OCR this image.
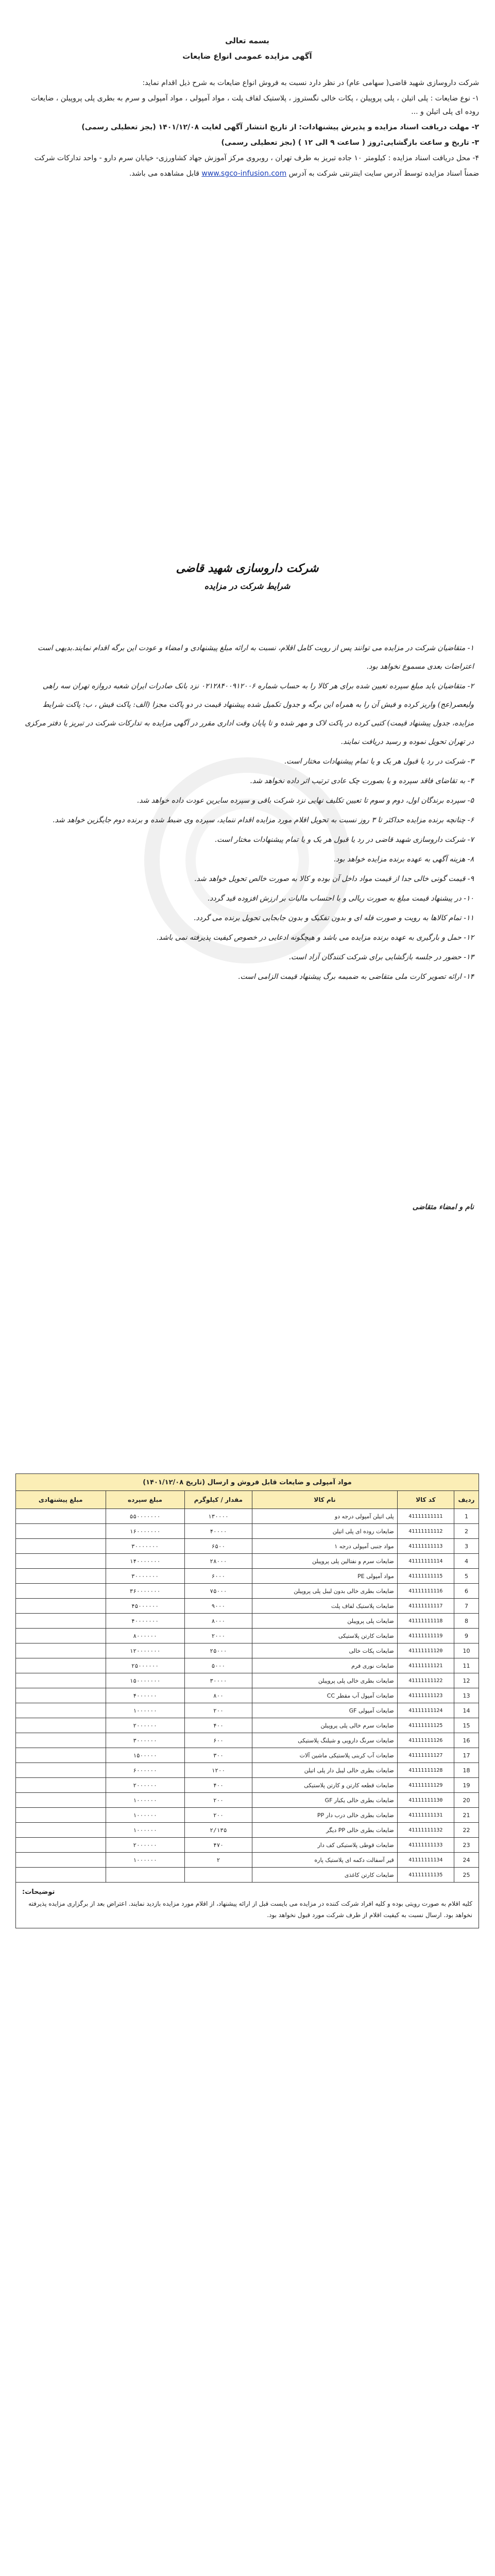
بسمه تعالی
آگهی مزایده عمومی انواع ضایعات

شرکت داروسازی شهید قاضی( سهامی عام) در نظر دارد نسبت به فروش انواع ضایعات به شرح ذیل اقدام نماید:

۱- نوع ضایعات : پلی اتیلن ، پلی پروپیلن ، پکات خالی نگستروز ، پلاستیک لفاف پلت ، مواد آمپولی ، مواد آمپولی و سرم به بطری پلی پروپیلن ، ضایعات روده ای پلی اتیلن و ...

۲- مهلت دریافت اسناد مزایده و پذیرش پیشنهادات: از تاریخ انتشار آگهی لغایت ۱۴۰۱/۱۲/۰۸ (بجز تعطیلی رسمی)

۳- تاریخ و ساعت بازگشایی:روز ( ساعت ۹ الی ۱۲ ) (بجز تعطیلی رسمی)

۴- محل دریافت اسناد مزایده : کیلومتر ۱۰ جاده تبریز به طرف تهران ، روبروی مرکز آموزش جهاد کشاورزی- خیابان سرم دارو - واحد تدارکات شرکت

ضمناً اسناد مزایده توسط آدرس سایت اینترنتی شرکت به آدرس www.sgco-infusion.com قابل مشاهده می باشد.

شرکت داروسازی شهید قاضی
شرایط شرکت در مزایده

۱- متقاضیان شرکت در مزایده می توانند پس از رویت کامل اقلام، نسبت به ارائه مبلغ پیشنهادی و امضاء و عودت این برگه اقدام نمایند.بدیهی است اعتراضات بعدی مسموع نخواهد بود.

۲- متقاضیان باید مبلغ سپرده تعیین شده برای هر کالا را به حساب شماره ۰۲۱۲۸۴۰۰۹۱۲۰۰۶ نزد بانک صادرات ایران شعبه دروازه تهران سه راهی ولیعصر(عج) واریز کرده و فیش آن را به همراه این برگه و جدول تکمیل شده پیشنهاد قیمت در دو پاکت مجزا (الف: پاکت فیش ، ب: پاکت شرایط مزایده، جدول پیشنهاد قیمت) کتبی کرده در پاکت لاک و مهر شده و تا پایان وقت اداری مقرر در آگهی مزایده به تدارکات شرکت در تبریز یا دفتر مرکزی در تهران تحویل نموده و رسید دریافت نمایند.

۳- شرکت در رد یا قبول هر یک و یا تمام پیشنهادات مختار است.

۴- به تقاضای فاقد سپرده و یا بصورت چک عادی ترتیب اثر داده نخواهد شد.

۵- سپرده برندگان اول، دوم و سوم تا تعیین تکلیف نهایی نزد شرکت باقی و سپرده سایرین عودت داده خواهد شد.

۶- چنانچه برنده مزایده حداکثر تا ۳ روز نسبت به تحویل اقلام مورد مزایده اقدام ننماید، سپرده وی ضبط شده و برنده دوم جایگزین خواهد شد.

۷- شرکت داروسازی شهید قاضی در رد یا قبول هر یک و یا تمام پیشنهادات مختار است.

۸- هزینه آگهی به عهده برنده مزایده خواهد بود.

۹- قیمت گونی خالی جدا از قیمت مواد داخل آن بوده و کالا به صورت خالص تحویل خواهد شد.

۱۰- در پیشنهاد قیمت مبلغ به صورت ریالی و با احتساب مالیات بر ارزش افزوده قید گردد.

۱۱- تمام کالاها به رویت و صورت فله ای و بدون تفکیک و بدون جابجایی تحویل برنده می گردد.

۱۲- حمل و بارگیری به عهده برنده مزایده می باشد و هیچگونه ادعایی در خصوص کیفیت پذیرفته نمی باشد.

۱۳- حضور در جلسه بازگشایی برای شرکت کنندگان آزاد است.

۱۴- ارائه تصویر کارت ملی متقاضی به ضمیمه برگ پیشنهاد قیمت الزامی است.

نام و امضاء متقاضی
مواد آمپولی و ضایعات قابل فروش و ارسال (تاریخ ۱۴۰۱/۱۲/۰۸)					
ردیف	کد کالا	نام کالا	مقدار / کیلوگرم	مبلغ سپرده	مبلغ پیشنهادی
1	41111111111	پلی اتیلن آمپولی درجه دو	۱۳۰۰۰۰	۵۵۰۰۰۰۰۰۰	
2	41111111112	ضایعات روده ای پلی اتیلن	۴۰۰۰۰	۱۶۰۰۰۰۰۰۰	
3	41111111113	مواد جنبی آمپولی درجه ۱	۶۵۰۰	۳۰۰۰۰۰۰۰	
4	41111111114	ضایعات سرم و نفتالین پلی پروپیلن	۲۸۰۰۰	۱۴۰۰۰۰۰۰۰	
5	41111111115	مواد آمپولی PE	۶۰۰۰	۳۰۰۰۰۰۰۰	
6	41111111116	ضایعات بطری خالی بدون لیبل پلی پروپیلن	۷۵۰۰۰	۳۶۰۰۰۰۰۰۰	
7	41111111117	ضایعات پلاستیک لفاف پلت	۹۰۰۰	۴۵۰۰۰۰۰۰	
8	41111111118	ضایعات پلی پروپیلن	۸۰۰۰	۴۰۰۰۰۰۰۰	
9	41111111119	ضایعات کارتن پلاستیکی	۲۰۰۰	۸۰۰۰۰۰۰	
10	41111111120	ضایعات پکات خالی	۲۵۰۰۰	۱۲۰۰۰۰۰۰۰	
11	41111111121	ضایعات نوری فرم	۵۰۰۰	۲۵۰۰۰۰۰۰	
12	41111111122	ضایعات بطری خالی پلی پروپیلن	۳۰۰۰۰	۱۵۰۰۰۰۰۰۰	
13	41111111123	ضایعات آمپول آب مقطر CC	۸۰۰	۴۰۰۰۰۰۰	
14	41111111124	ضایعات آمپولی GF	۲۰۰	۱۰۰۰۰۰۰	
15	41111111125	ضایعات سرم خالی پلی پروپیلن	۴۰۰	۲۰۰۰۰۰۰	
16	41111111126	ضایعات سرنگ دارویی و شیلنگ پلاستیکی	۶۰۰	۳۰۰۰۰۰۰	
17	41111111127	ضایعات آب کربنی پلاستیکی ماشین آلات	۳۰۰	۱۵۰۰۰۰۰	
18	41111111128	ضایعات بطری خالی لیبل دار پلی اتیلن	۱۲۰۰	۶۰۰۰۰۰۰	
19	41111111129	ضایعات قطعه کارتن و کارتن پلاستیکی	۴۰۰	۲۰۰۰۰۰۰	
20	41111111130	ضایعات بطری خالی یکبار GF	۲۰۰	۱۰۰۰۰۰۰	
21	41111111131	ضایعات بطری خالی درب دار PP	۲۰۰	۱۰۰۰۰۰۰	
22	41111111132	ضایعات بطری خالی PP دیگر	۲/۱۳۵	۱۰۰۰۰۰۰	
23	41111111133	ضایعات قوطی پلاستیکی کف دار	۴۷۰	۲۰۰۰۰۰۰	
24	41111111134	قیر آسفالت دکمه ای پلاستیک پاره	۲	۱۰۰۰۰۰۰	
25	41111111135	ضایعات کارتن کاغذی			
توضیحات:
کلیه اقلام به صورت رویتی بوده و کلیه افراد شرکت کننده در مزایده می بایست قبل از ارائه پیشنهاد، از اقلام مورد مزایده بازدید نمایند. اعتراض بعد از برگزاری مزایده پذیرفته نخواهد بود. ارسال نسبت به کیفیت اقلام از طرف شرکت مورد قبول نخواهد بود.
